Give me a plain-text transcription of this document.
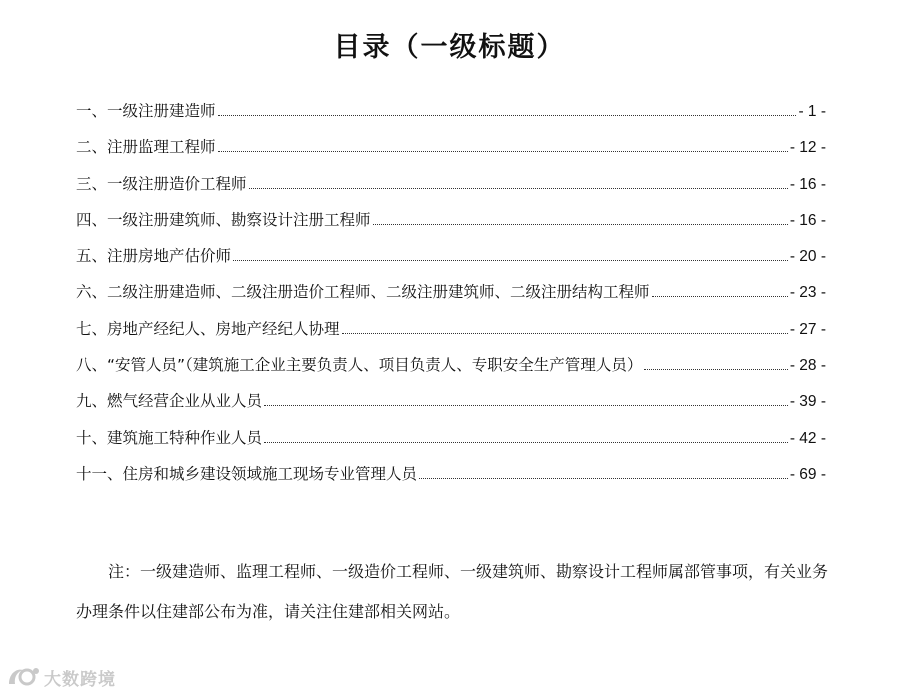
目录（一级标题）
一、一级注册建造师	- 1 -
二、注册监理工程师	- 12 -
三、一级注册造价工程师	- 16 -
四、一级注册建筑师、勘察设计注册工程师	- 16 -
五、注册房地产估价师	- 20 -
六、二级注册建造师、二级注册造价工程师、二级注册建筑师、二级注册结构工程师	- 23 -
七、房地产经纪人、房地产经纪人协理	- 27 -
八、“安管人员”（建筑施工企业主要负责人、项目负责人、专职安全生产管理人员）	- 28 -
九、燃气经营企业从业人员	- 39 -
十、建筑施工特种作业人员	- 42 -
十一、住房和城乡建设领域施工现场专业管理人员	- 69 -

注：一级建造师、监理工程师、一级造价工程师、一级建筑师、勘察设计工程师属部管事项，有关业务办理条件以住建部公布为准，请关注住建部相关网站。

大数跨境
